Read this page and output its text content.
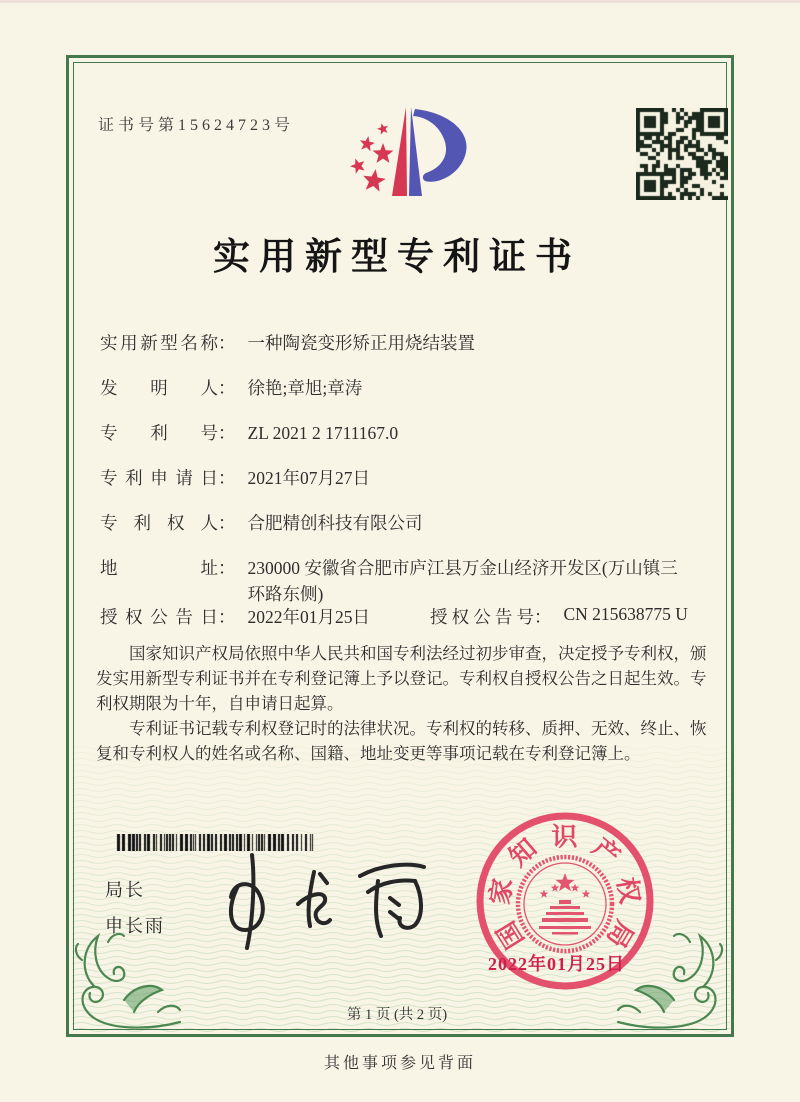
证书号第15624723号
实用新型专利证书
实用新型名称 ： 一种陶瓷变形矫正用烧结装置
发明人 ： 徐艳;章旭;章涛
专利号 ： ZL 2021 2 1711167.0
专利申请日 ： 2021年07月27日
专利权人 ： 合肥精创科技有限公司
地址 ： 230000 安徽省合肥市庐江县万金山经济开发区(万山镇三环路东侧)
授权公告日 ： 2022年01月25日	授权公告号 ： CN 215638775 U

国家知识产权局依照中华人民共和国专利法经过初步审查，决定授予专利权，颁发实用新型专利证书并在专利登记簿上予以登记。专利权自授权公告之日起生效。专利权期限为十年，自申请日起算。

专利证书记载专利权登记时的法律状况。专利权的转移、质押、无效、终止、恢复和专利权人的姓名或名称、国籍、地址变更等事项记载在专利登记簿上。

局长
申长雨	国
家
知 识 产
权
局
2022年01月25日
第 1 页 (共 2 页)
其他事项参见背面
